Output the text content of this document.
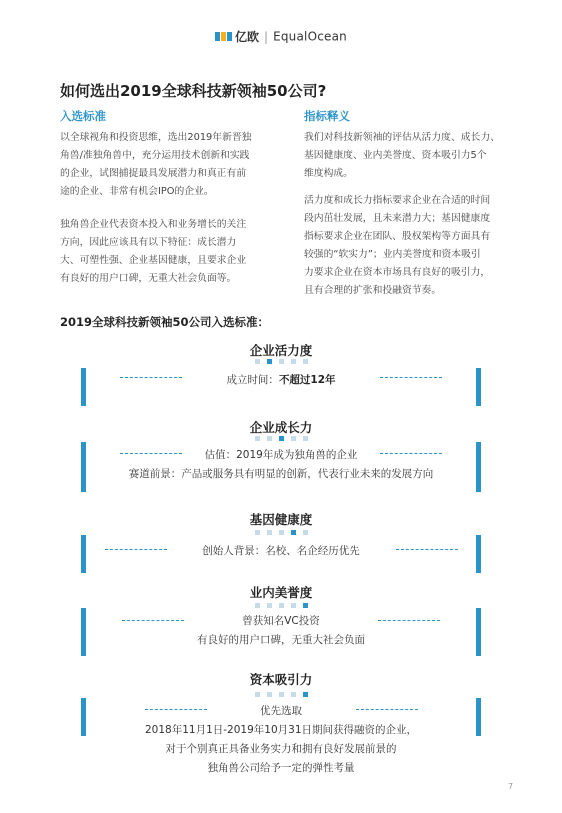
亿欧 | EqualOcean
如何选出2019全球科技新领袖50公司?
入选标准

以全球视角和投资思维，选出2019年新晋独
角兽/准独角兽中，充分运用技术创新和实践
的企业，试图捕捉最具发展潜力和真正有前
途的企业、非常有机会IPO的企业。

独角兽企业代表资本投入和业务增长的关注
方向，因此应该具有以下特征：成长潜力
大、可塑性强、企业基因健康，且要求企业
有良好的用户口碑，无重大社会负面等。

指标释义

我们对科技新领袖的评估从活力度、成长力、
基因健康度、业内美誉度、资本吸引力5个
维度构成。

活力度和成长力指标要求企业在合适的时间
段内茁壮发展，且未来潜力大；基因健康度
指标要求企业在团队、股权架构等方面具有
较强的“软实力”；业内美誉度和资本吸引
力要求企业在资本市场具有良好的吸引力，
且有合理的扩张和投融资节奏。

2019全球科技新领袖50公司入选标准：
企业活力度
成立时间：不超过12年
企业成长力
估值：2019年成为独角兽的企业
赛道前景：产品或服务具有明显的创新，代表行业未来的发展方向
基因健康度
创始人背景：名校、名企经历优先
业内美誉度
曾获知名VC投资
有良好的用户口碑，无重大社会负面
资本吸引力
优先选取
2018年11月1日-2019年10月31日期间获得融资的企业，
对于个别真正具备业务实力和拥有良好发展前景的
独角兽公司给予一定的弹性考量
7
